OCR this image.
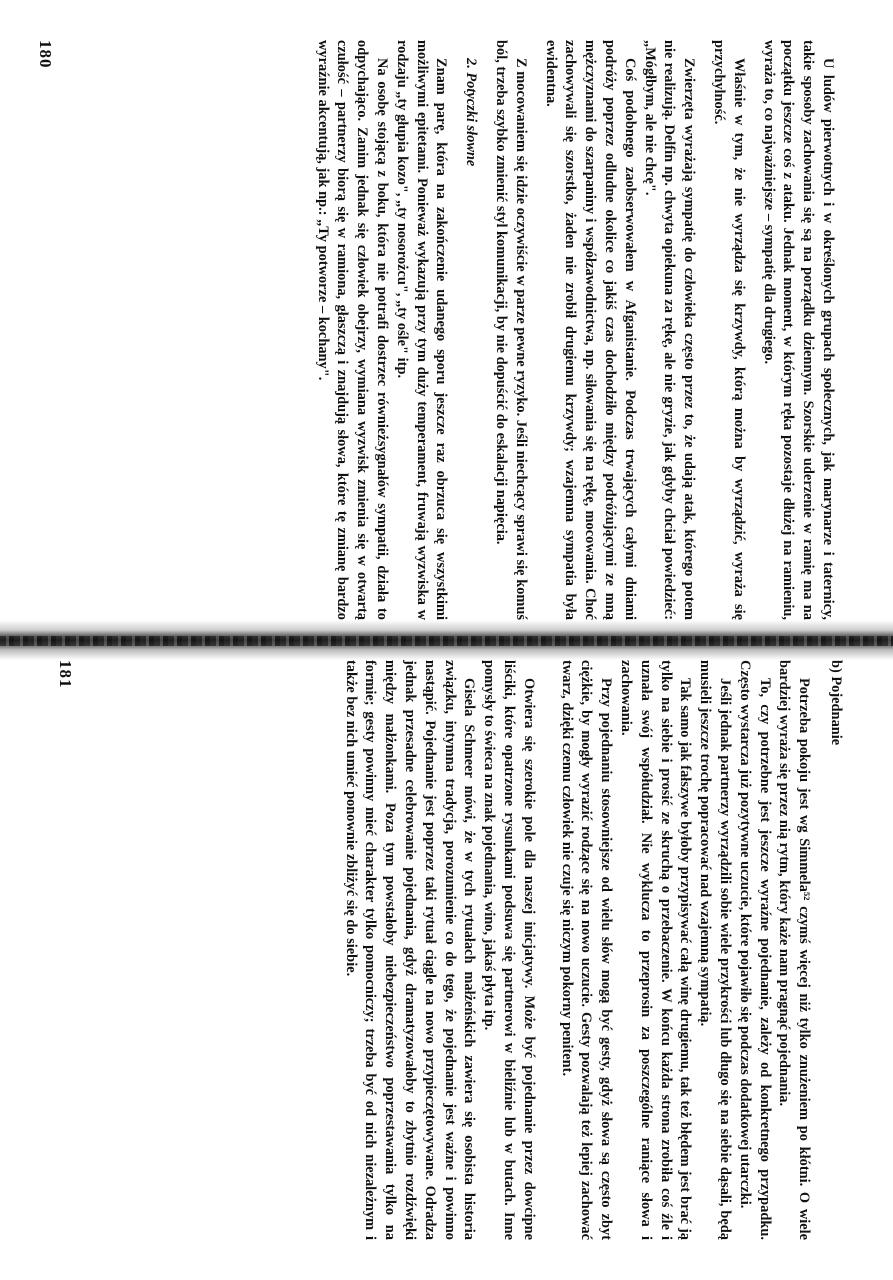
U ludów pierwotnych i w określonych grupach społecznych, jak marynarze i taternicy, takie sposoby zachowania się są na porządku dziennym. Szorskie uderzenie w ramię ma na początku jeszcze coś z ataku. Jednak moment, w którym ręka pozostaje dłużej na ramieniu, wyraża to, co najważniejsze – sympatię dla drugiego.

Właśnie w tym, że nie wyrządza się krzywdy, którą można by wyrządzić, wyraża się przychylność.

Zwierzęta wyrażają sympatię do człowieka często przez to, że udają atak, którego potem nie realizują. Delfin np. chwyta opiekuna za rękę, ale nie gryzie, jak gdyby chciał powiedzieć: „Mógłbym, ale nie chcę".

Coś podobnego zaobserwowałem w Afganistanie. Podczas trwających całymi dniami podróży poprzez odludne okolice co jakiś czas dochodziło między podróżującymi ze mną mężczyznami do szarpaniny i współzawodnictwa, np. siłowania się na rękę, mocowania. Choć zachowywali się szorstko, żaden nie zrobił drugiemu krzywdy; wzajemna sympatia była ewidentna.

Z mocowaniem się idzie oczywiście w parze pewne ryzyko. Jeśli niechcący sprawi się komuś ból, trzeba szybko zmienić styl komunikacji, by nie dopuścić do eskalacji napięcia.

2. Potyczki słowne

Znam parę, która na zakończenie udanego sporu jeszcze raz obrzuca się wszystkimi możliwymi epitetami. Ponieważ wykazują przy tym duży temperament, fruwają wyzwiska w rodzaju „ty głupia kozo", „ty nosorożcu", „ty ośle" itp.

Na osobę stojącą z boku, która nie potrafi dostrzec równieżsygnałów sympatii, działa to odpychająco. Zanim jednak się człowiek obejrzy, wymiana wyzwisk zmienia się w otwartą czułość – partnerzy biorą się w ramiona, głaszczą i znajdują słowa, które tę zmianę bardzo wyraźnie akcentują, jak np.: „Ty potworze – kochany".

180
b) Pojednanie

Potrzeba pokoju jest wg Simmela⁵² czymś więcej niż tylko znużeniem po kłótni. O wiele bardziej wyraża się przez nią rytm, który każe nam pragnąć pojednania.

To, czy potrzebne jest jeszcze wyraźne pojednanie, zależy od konkretnego przypadku. Często wystarcza już pozytywne uczucie, które pojawiło się podczas dodatkowej utarczki.

Jeśli jednak partnerzy wyrządzili sobie wiele przykrości lub długo się na siebie dąsali, będą musieli jeszcze trochę popracować nad wzajemną sympatią.

Tak samo jak fałszywe byłoby przypisywać całą winę drugiemu, tak też błędem jest brać ją tylko na siebie i prosić ze skruchą o przebaczenie. W końcu każda strona zrobiła coś źle i uznała swój współudział. Nie wyklucza to przeprosin za poszczególne raniące słowa i zachowania.

Przy pojednaniu stosowniejsze od wielu słów mogą być gesty, gdyż słowa są często zbyt ciężkie, by mogły wyrazić rodzące się na nowo uczucie. Gesty pozwalają też lepiej zachować twarz, dzięki czemu człowiek nie czuje się niczym pokorny penitent.

Otwiera się szerokie pole dla naszej inicjatywy. Może być pojednanie przez dowcipne liściki, które opatrzone rysunkami podsuwa się partnerowi w bieliźnie lub w butach. Inne pomysły to świeca na znak pojednania, wino, jakaś płyta itp.

Gisela Schmeer mówi, że w tych rytuałach małżeńskich zawiera się osobista historia związku, intymna tradycja, porozumienie co do tego, że pojednanie jest ważne i powinno nastąpić. Pojednanie jest poprzez taki rytuał ciągle na nowo przypieczętowywane. Odradza jednak przesadne celebrowanie pojednania, gdyż dramatyzowałoby to zbytnio rozdźwięki między małżonkami. Poza tym powstałoby niebezpieczeństwo poprzestawania tylko na formie; gesty powinny mieć charakter tylko pomocniczy; trzeba być od nich niezależnym i także bez nich umieć ponownie zbliżyć się do siebie.

181
